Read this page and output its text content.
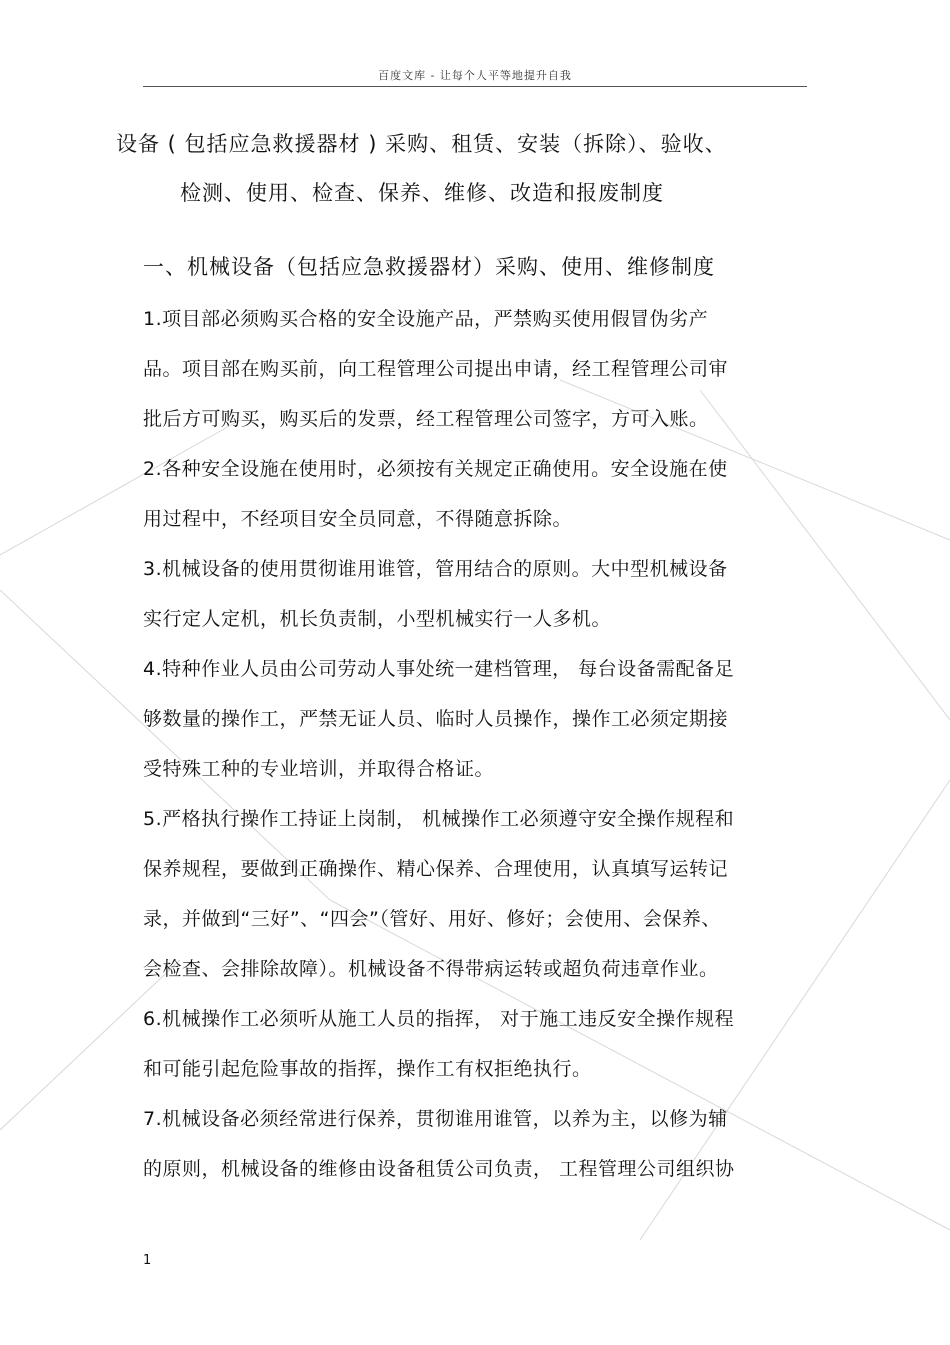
百度文库 - 让每个人平等地提升自我
设备 ( 包括应急救援器材 ) 采购、租赁、安装（拆除）、验收、
检测、使用、检查、保养、维修、改造和报废制度
一、机械设备（包括应急救援器材）采购、使用、维修制度
1.项目部必须购买合格的安全设施产品，严禁购买使用假冒伪劣产
品。项目部在购买前，向工程管理公司提出申请，经工程管理公司审
批后方可购买，购买后的发票，经工程管理公司签字，方可入账。
2.各种安全设施在使用时，必须按有关规定正确使用。安全设施在使
用过程中，不经项目安全员同意，不得随意拆除。
3.机械设备的使用贯彻谁用谁管，管用结合的原则。大中型机械设备
实行定人定机，机长负责制，小型机械实行一人多机。
4.特种作业人员由公司劳动人事处统一建档管理， 每台设备需配备足
够数量的操作工，严禁无证人员、临时人员操作，操作工必须定期接
受特殊工种的专业培训，并取得合格证。
5.严格执行操作工持证上岗制， 机械操作工必须遵守安全操作规程和
保养规程，要做到正确操作、精心保养、合理使用，认真填写运转记
录，并做到“三好”、“四会”（管好、用好、修好；会使用、会保养、
会检查、会排除故障）。机械设备不得带病运转或超负荷违章作业。
6.机械操作工必须听从施工人员的指挥， 对于施工违反安全操作规程
和可能引起危险事故的指挥，操作工有权拒绝执行。
7.机械设备必须经常进行保养，贯彻谁用谁管，以养为主，以修为辅
的原则，机械设备的维修由设备租赁公司负责， 工程管理公司组织协
1
